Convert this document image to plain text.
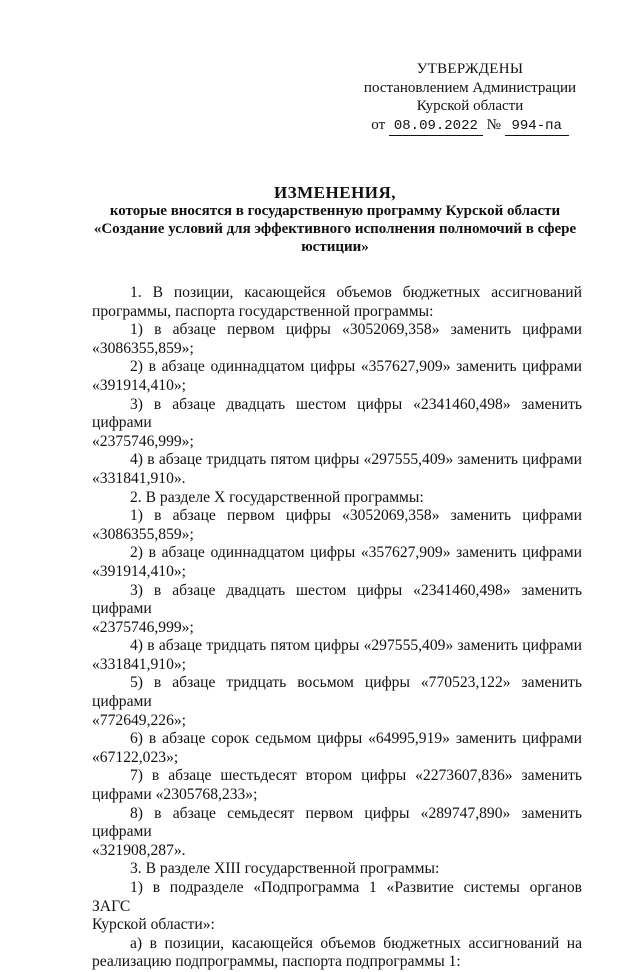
УТВЕРЖДЕНЫ
постановлением Администрации
Курской области
от 08.09.2022 № 994-па
ИЗМЕНЕНИЯ,
которые вносятся в государственную программу Курской области
«Создание условий для эффективного исполнения полномочий в сфере
юстиции»

1. В позиции, касающейся объемов бюджетных ассигнований

программы, паспорта государственной программы:

1) в абзаце первом цифры «3052069,358» заменить цифрами

«3086355,859»;

2) в абзаце одиннадцатом цифры «357627,909» заменить цифрами

«391914,410»;

3) в абзаце двадцать шестом цифры «2341460,498» заменить цифрами

«2375746,999»;

4) в абзаце тридцать пятом цифры «297555,409» заменить цифрами

«331841,910».

2. В разделе X государственной программы:

1) в абзаце первом цифры «3052069,358» заменить цифрами

«3086355,859»;

2) в абзаце одиннадцатом цифры «357627,909» заменить цифрами

«391914,410»;

3) в абзаце двадцать шестом цифры «2341460,498» заменить цифрами

«2375746,999»;

4) в абзаце тридцать пятом цифры «297555,409» заменить цифрами

«331841,910»;

5) в абзаце тридцать восьмом цифры «770523,122» заменить цифрами

«772649,226»;

6) в абзаце сорок седьмом цифры «64995,919» заменить цифрами

«67122,023»;

7) в абзаце шестьдесят втором цифры «2273607,836» заменить

цифрами «2305768,233»;

8) в абзаце семьдесят первом цифры «289747,890» заменить цифрами

«321908,287».

3. В разделе XIII государственной программы:

1) в подразделе «Подпрограмма 1 «Развитие системы органов ЗАГС

Курской области»:

а) в позиции, касающейся объемов бюджетных ассигнований на

реализацию подпрограммы, паспорта подпрограммы 1:
